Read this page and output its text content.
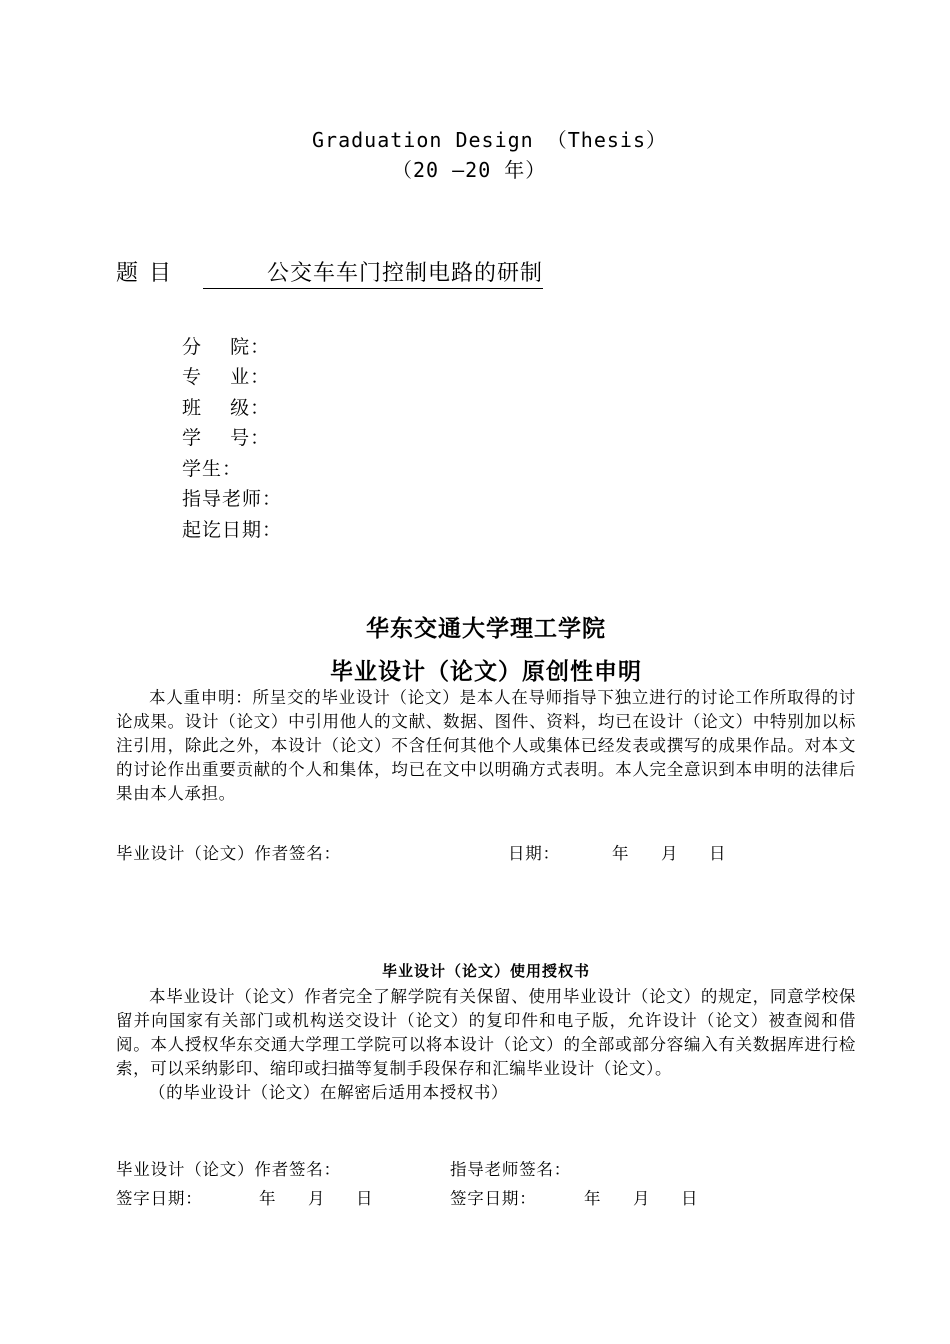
Graduation Design （Thesis）
（20 —20 年）
题 目 公交车车门控制电路的研制
分    院：
专    业：
班    级：
学    号：
学生：
指导老师：
起讫日期：
华东交通大学理工学院
毕业设计（论文）原创性申明

本人重申明：所呈交的毕业设计（论文）是本人在导师指导下独立进行的讨论工作所取得的讨论成果。设计（论文）中引用他人的文献、数据、图件、资料，均已在设计（论文）中特别加以标注引用，除此之外，本设计（论文）不含任何其他个人或集体已经发表或撰写的成果作品。对本文的讨论作出重要贡献的个人和集体，均已在文中以明确方式表明。本人完全意识到本申明的法律后果由本人承担。

毕业设计（论文）作者签名：	日期：	年 月 日
毕业设计（论文）使用授权书

本毕业设计（论文）作者完全了解学院有关保留、使用毕业设计（论文）的规定，同意学校保留并向国家有关部门或机构送交设计（论文）的复印件和电子版，允许设计（论文）被查阅和借阅。本人授权华东交通大学理工学院可以将本设计（论文）的全部或部分容编入有关数据库进行检索，可以采纳影印、缩印或扫描等复制手段保存和汇编毕业设计（论文）。

（的毕业设计（论文）在解密后适用本授权书）

毕业设计（论文）作者签名：	指导老师签名：
签字日期：	年 月 日	签字日期：	年 月 日
